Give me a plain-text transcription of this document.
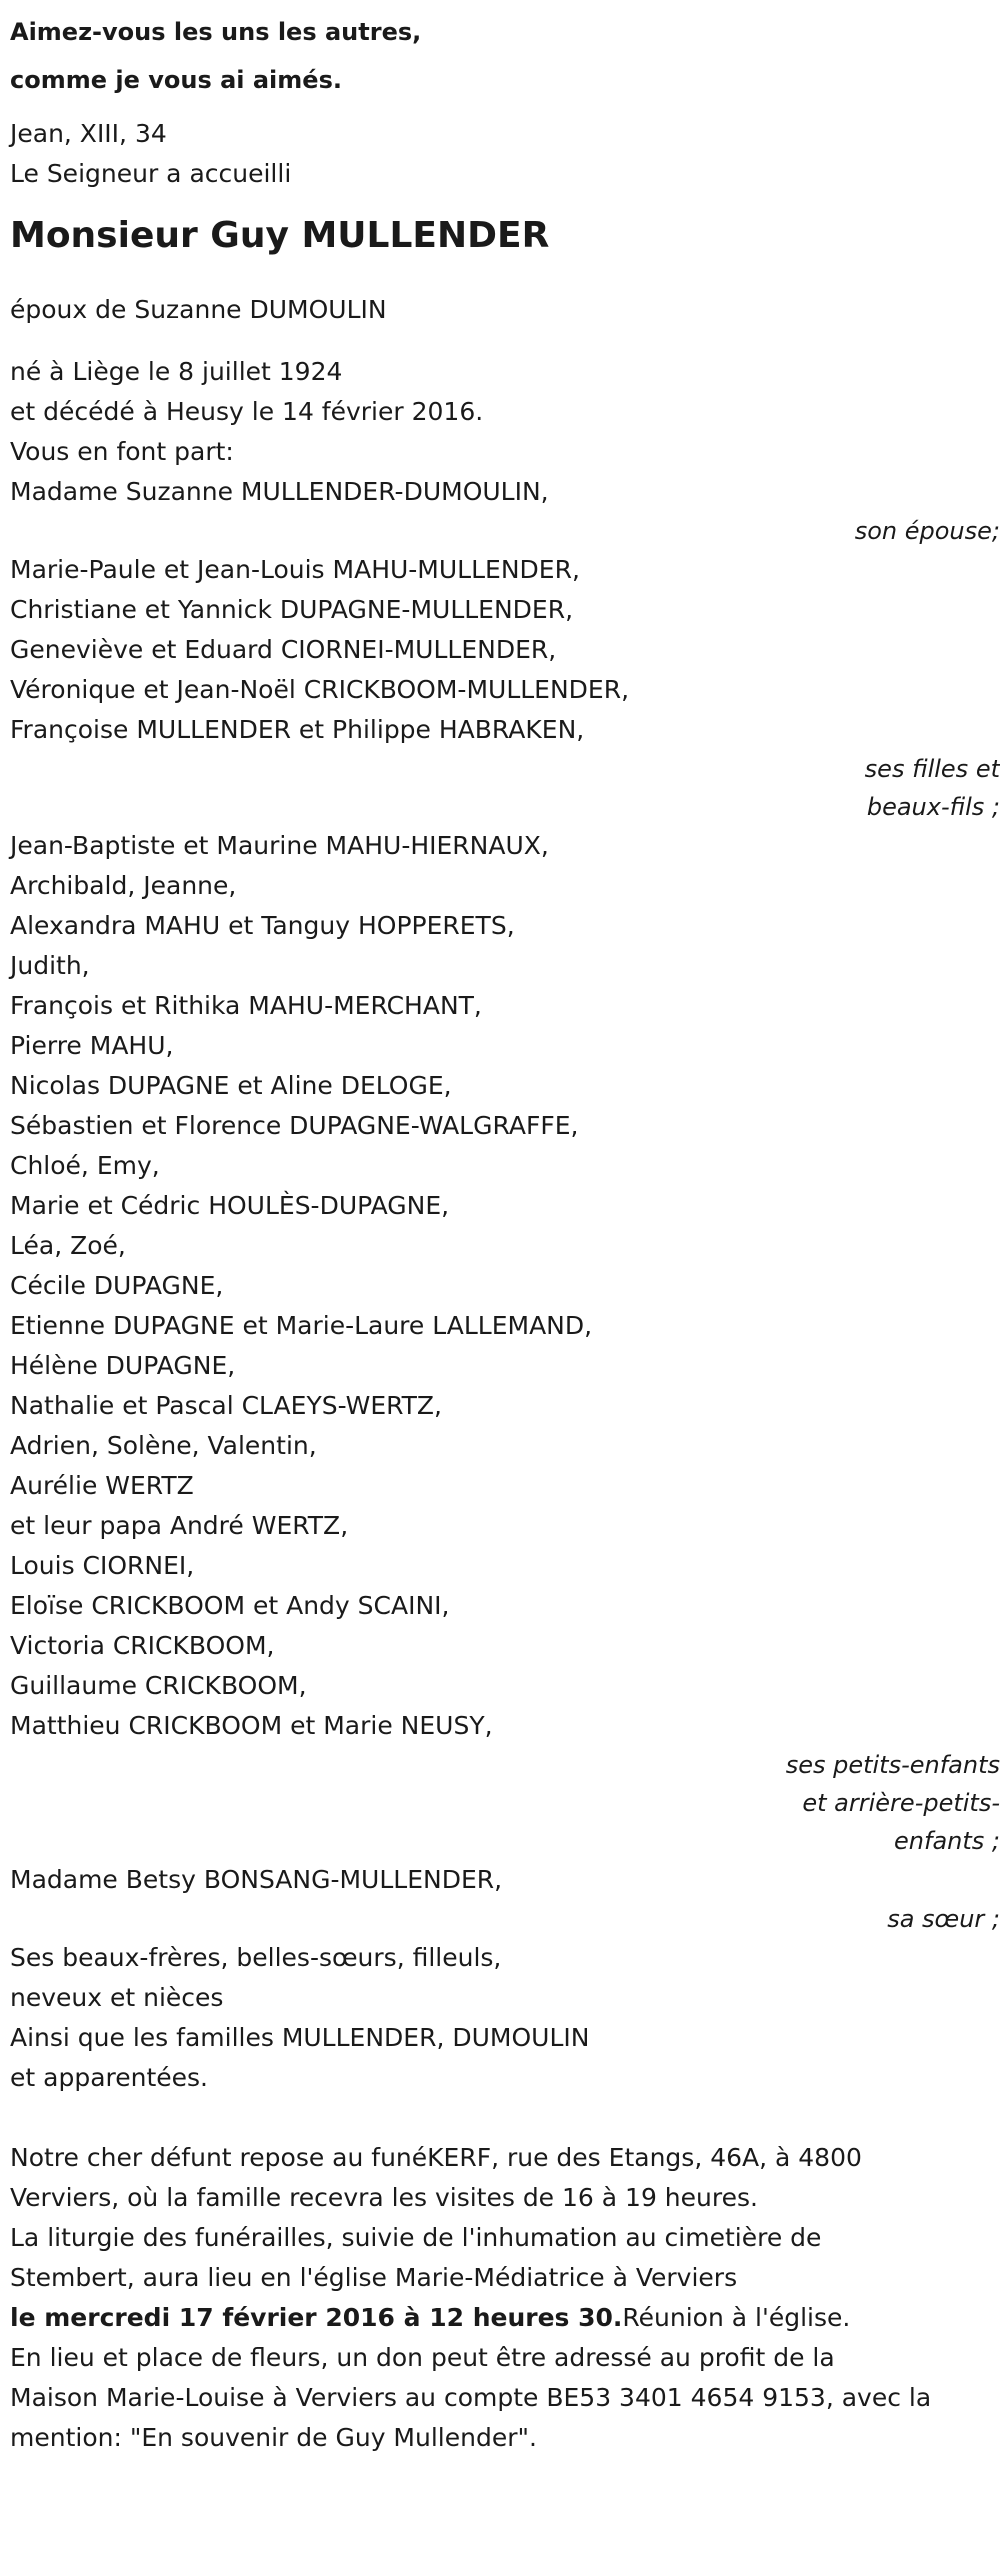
Aimez-vous les uns les autres,
comme je vous ai aimés.
Jean, XIII, 34
Le Seigneur a accueilli
Monsieur Guy MULLENDER
époux de Suzanne DUMOULIN
né à Liège le 8 juillet 1924
et décédé à Heusy le 14 février 2016.
Vous en font part:
Madame Suzanne MULLENDER-DUMOULIN,
son épouse;
Marie-Paule et Jean-Louis MAHU-MULLENDER,
Christiane et Yannick DUPAGNE-MULLENDER,
Geneviève et Eduard CIORNEI-MULLENDER,
Véronique et Jean-Noël CRICKBOOM-MULLENDER,
Françoise MULLENDER et Philippe HABRAKEN,
ses filles et
beaux-fils ;
Jean-Baptiste et Maurine MAHU-HIERNAUX,
Archibald, Jeanne,
Alexandra MAHU et Tanguy HOPPERETS,
Judith,
François et Rithika MAHU-MERCHANT,
Pierre MAHU,
Nicolas DUPAGNE et Aline DELOGE,
Sébastien et Florence DUPAGNE-WALGRAFFE,
Chloé, Emy,
Marie et Cédric HOULÈS-DUPAGNE,
Léa, Zoé,
Cécile DUPAGNE,
Etienne DUPAGNE et Marie-Laure LALLEMAND,
Hélène DUPAGNE,
Nathalie et Pascal CLAEYS-WERTZ,
Adrien, Solène, Valentin,
Aurélie WERTZ
et leur papa André WERTZ,
Louis CIORNEI,
Eloïse CRICKBOOM et Andy SCAINI,
Victoria CRICKBOOM,
Guillaume CRICKBOOM,
Matthieu CRICKBOOM et Marie NEUSY,
ses petits-enfants
et arrière-petits-
enfants ;
Madame Betsy BONSANG-MULLENDER,
sa sœur ;
Ses beaux-frères, belles-sœurs, filleuls,
neveux et nièces
Ainsi que les familles MULLENDER, DUMOULIN
et apparentées.
Notre cher défunt repose au funéKERF, rue des Etangs, 46A, à 4800
Verviers, où la famille recevra les visites de 16 à 19 heures.
La liturgie des funérailles, suivie de l'inhumation au cimetière de
Stembert, aura lieu en l'église Marie-Médiatrice à Verviers
le mercredi 17 février 2016 à 12 heures 30.Réunion à l'église.
En lieu et place de fleurs, un don peut être adressé au profit de la
Maison Marie-Louise à Verviers au compte BE53 3401 4654 9153, avec la
mention: "En souvenir de Guy Mullender".
